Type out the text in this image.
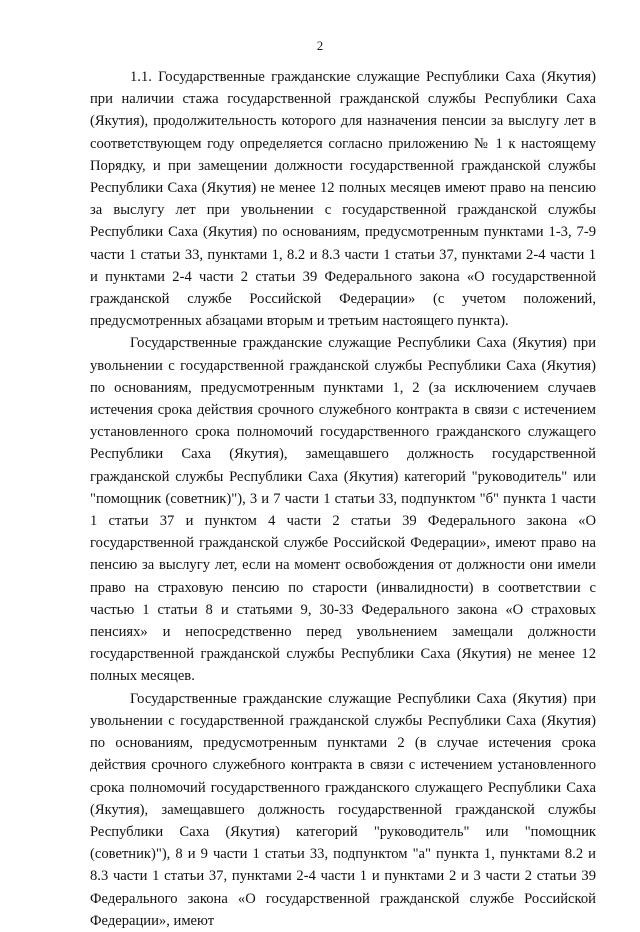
2

1.1. Государственные гражданские служащие Республики Саха (Якутия) при наличии стажа государственной гражданской службы Республики Саха (Якутия), продолжительность которого для назначения пенсии за выслугу лет в соответствующем году определяется согласно приложению № 1 к настоящему Порядку, и при замещении должности государственной гражданской службы Республики Саха (Якутия) не менее 12 полных месяцев имеют право на пенсию за выслугу лет при увольнении с государственной гражданской службы Республики Саха (Якутия) по основаниям, предусмотренным пунктами 1-3, 7-9 части 1 статьи 33, пунктами 1, 8.2 и 8.3 части 1 статьи 37, пунктами 2-4 части 1 и пунктами 2-4 части 2 статьи 39 Федерального закона «О государственной гражданской службе Российской Федерации» (с учетом положений, предусмотренных абзацами вторым и третьим настоящего пункта).

Государственные гражданские служащие Республики Саха (Якутия) при увольнении с государственной гражданской службы Республики Саха (Якутия) по основаниям, предусмотренным пунктами 1, 2 (за исключением случаев истечения срока действия срочного служебного контракта в связи с истечением установленного срока полномочий государственного гражданского служащего Республики Саха (Якутия), замещавшего должность государственной гражданской службы Республики Саха (Якутия) категорий "руководитель" или "помощник (советник)"), 3 и 7 части 1 статьи 33, подпунктом "б" пункта 1 части 1 статьи 37 и пунктом 4 части 2 статьи 39 Федерального закона «О государственной гражданской службе Российской Федерации», имеют право на пенсию за выслугу лет, если на момент освобождения от должности они имели право на страховую пенсию по старости (инвалидности) в соответствии с частью 1 статьи 8 и статьями 9, 30-33 Федерального закона «О страховых пенсиях» и непосредственно перед увольнением замещали должности государственной гражданской службы Республики Саха (Якутия) не менее 12 полных месяцев.

Государственные гражданские служащие Республики Саха (Якутия) при увольнении с государственной гражданской службы Республики Саха (Якутия) по основаниям, предусмотренным пунктами 2 (в случае истечения срока действия срочного служебного контракта в связи с истечением установленного срока полномочий государственного гражданского служащего Республики Саха (Якутия), замещавшего должность государственной гражданской службы Республики Саха (Якутия) категорий "руководитель" или "помощник (советник)"), 8 и 9 части 1 статьи 33, подпунктом "а" пункта 1, пунктами 8.2 и 8.3 части 1 статьи 37, пунктами 2-4 части 1 и пунктами 2 и 3 части 2 статьи 39 Федерального закона «О государственной гражданской службе Российской Федерации», имеют
